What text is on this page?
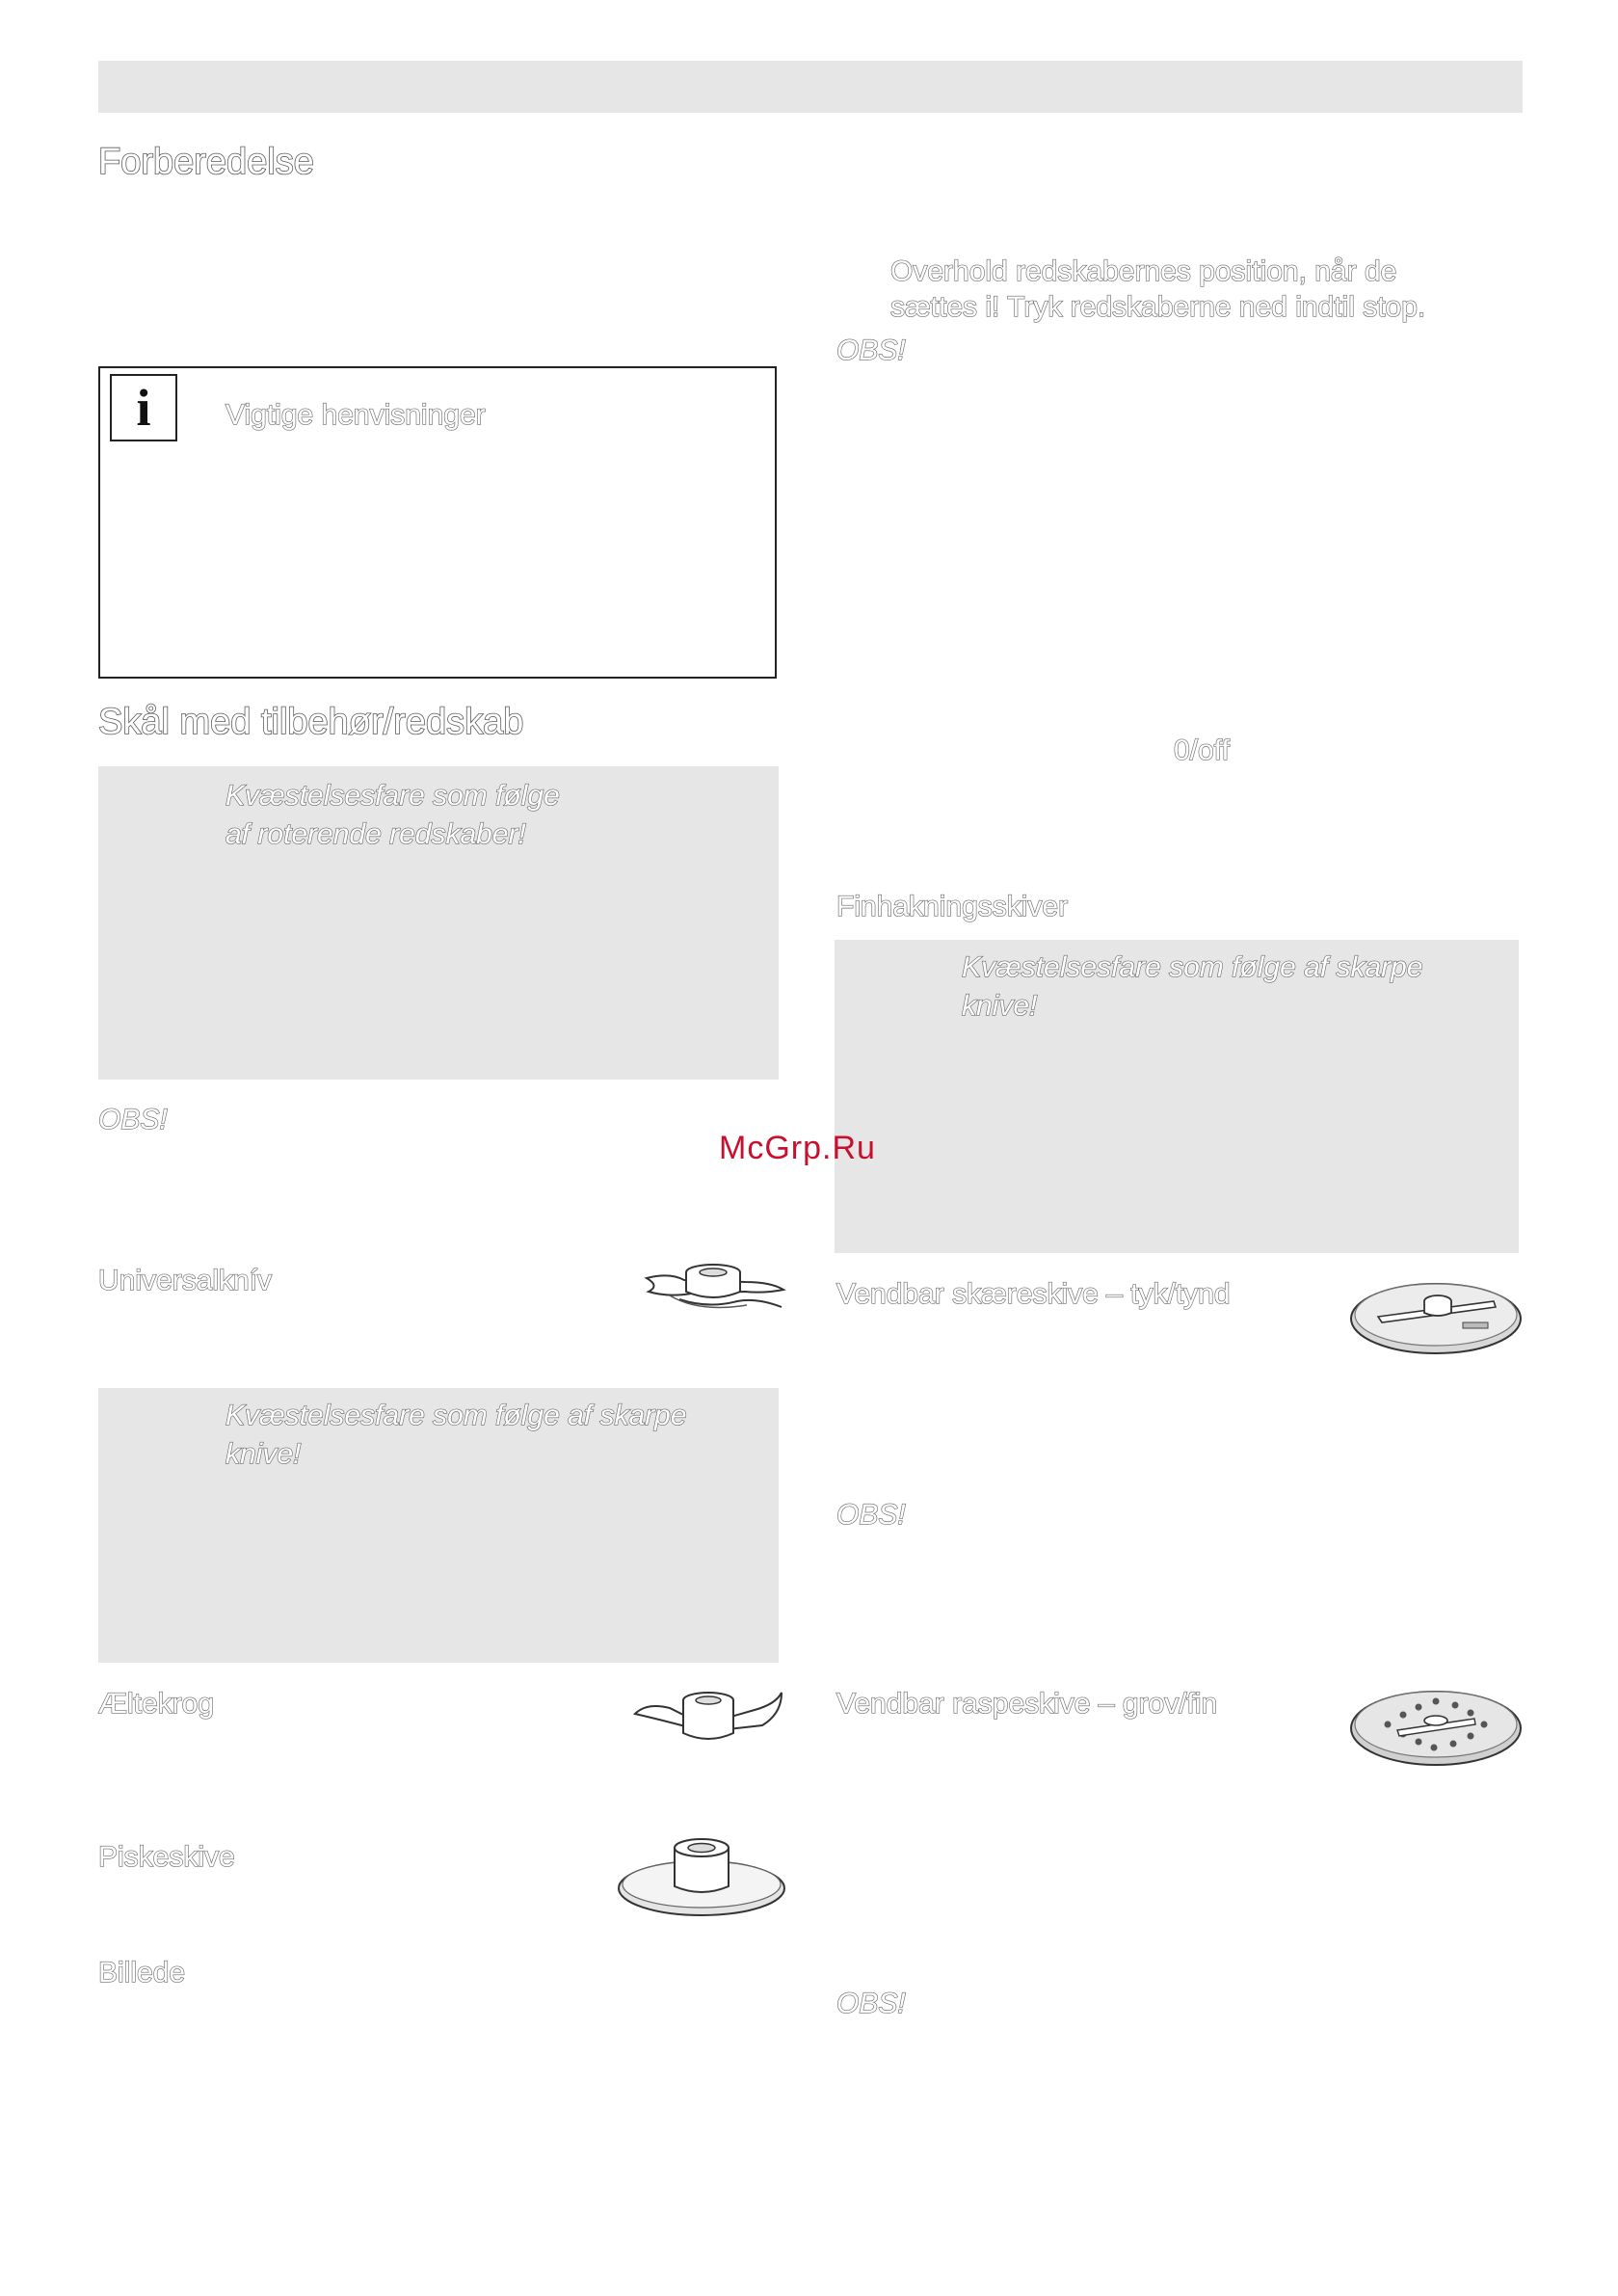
Forberedelse
i	Vigtige henvisninger
Skål med tilbehør/redskab
Kvæstelsesfare som følge
af roterende redskaber!
OBS!
Universalknív
Kvæstelsesfare som følge af skarpe
knive!
Æltekrog
Piskeskive
Billede
Overhold redskabernes position, når de
sættes i! Tryk redskaberne ned indtil stop.
OBS!
0/off
Finhakningsskiver
Kvæstelsesfare som følge af skarpe
knive!
Vendbar skæreskive – tyk/tynd
OBS!
Vendbar raspeskive – grov/fin
OBS!
McGrp.Ru
